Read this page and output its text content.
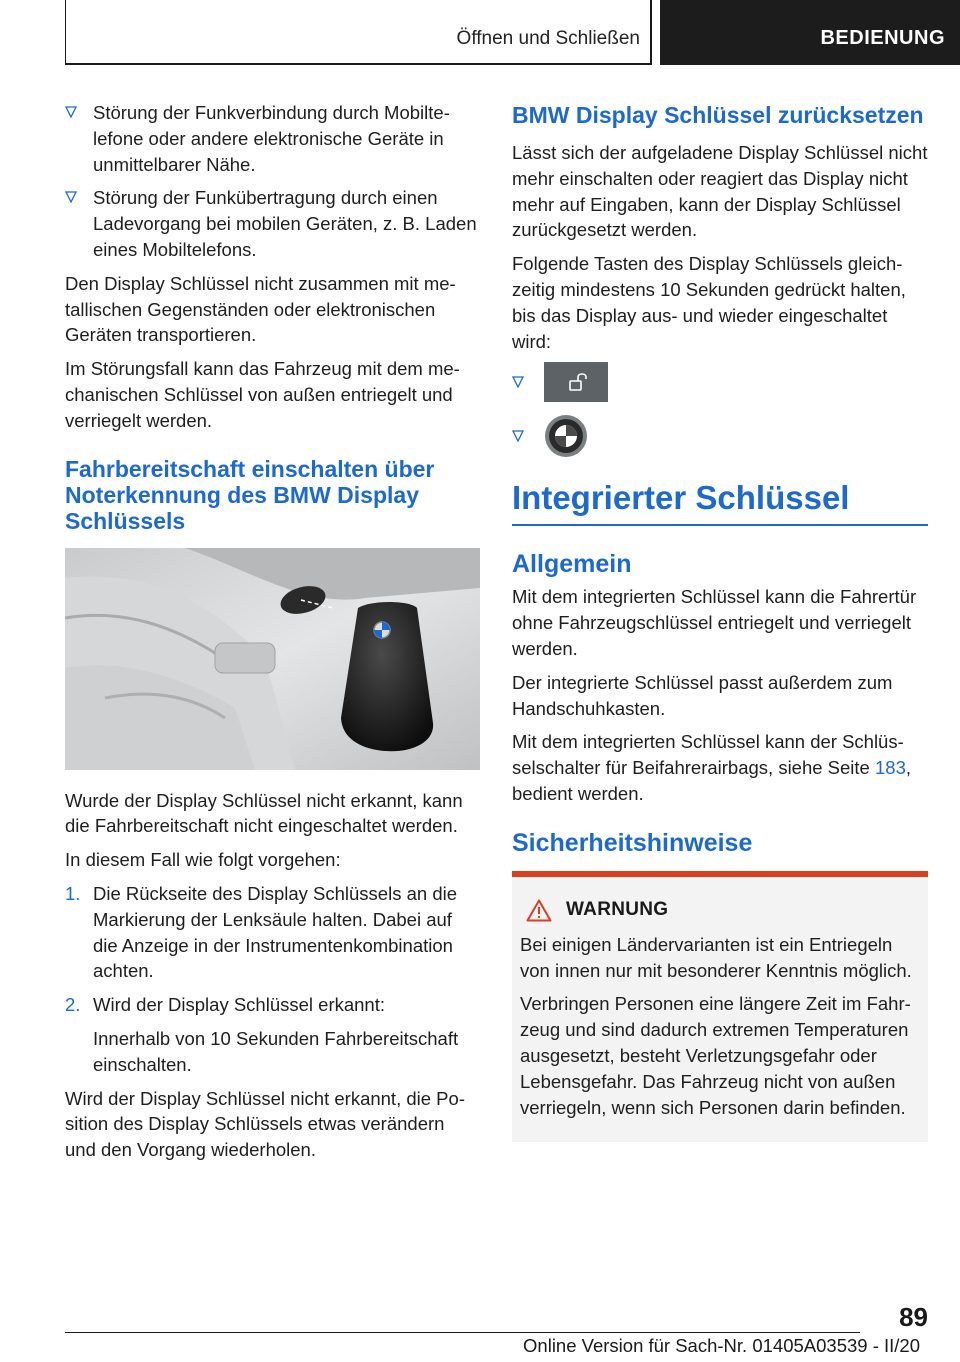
Öffnen und Schließen	BEDIENUNG
Störung der Funkverbindung durch Mobiltelefone oder andere elektronische Geräte in unmittelbarer Nähe.
Störung der Funkübertragung durch einen Ladevorgang bei mobilen Geräten, z. B. Laden eines Mobiltelefons.

Den Display Schlüssel nicht zusammen mit metallischen Gegenständen oder elektronischen Geräten transportieren.

Im Störungsfall kann das Fahrzeug mit dem mechanischen Schlüssel von außen entriegelt und verriegelt werden.

Fahrbereitschaft einschalten über Noterkennung des BMW Display Schlüssels

Wurde der Display Schlüssel nicht erkannt, kann die Fahrbereitschaft nicht eingeschaltet werden.

In diesem Fall wie folgt vorgehen:

1. Die Rückseite des Display Schlüssels an die Markierung der Lenksäule halten. Dabei auf die Anzeige in der Instrumentenkombination achten.
2. Wird der Display Schlüssel erkannt:
Innerhalb von 10 Sekunden Fahrbereitschaft einschalten.

Wird der Display Schlüssel nicht erkannt, die Position des Display Schlüssels etwas verändern und den Vorgang wiederholen.

BMW Display Schlüssel zurücksetzen

Lässt sich der aufgeladene Display Schlüssel nicht mehr einschalten oder reagiert das Display nicht mehr auf Eingaben, kann der Display Schlüssel zurückgesetzt werden.

Folgende Tasten des Display Schlüssels gleichzeitig mindestens 10 Sekunden gedrückt halten, bis das Display aus- und wieder eingeschaltet wird:

Integrierter Schlüssel
Allgemein

Mit dem integrierten Schlüssel kann die Fahrertür ohne Fahrzeugschlüssel entriegelt und verriegelt werden.

Der integrierte Schlüssel passt außerdem zum Handschuhkasten.

Mit dem integrierten Schlüssel kann der Schlüsselschalter für Beifahrerairbags, siehe Seite 183, bedient werden.

Sicherheitshinweise
WARNUNG

Bei einigen Ländervarianten ist ein Entriegeln von innen nur mit besonderer Kenntnis möglich.

Verbringen Personen eine längere Zeit im Fahrzeug und sind dadurch extremen Temperaturen ausgesetzt, besteht Verletzungsgefahr oder Lebensgefahr. Das Fahrzeug nicht von außen verriegeln, wenn sich Personen darin befinden.

89
Online Version für Sach-Nr. 01405A03539 - II/20
